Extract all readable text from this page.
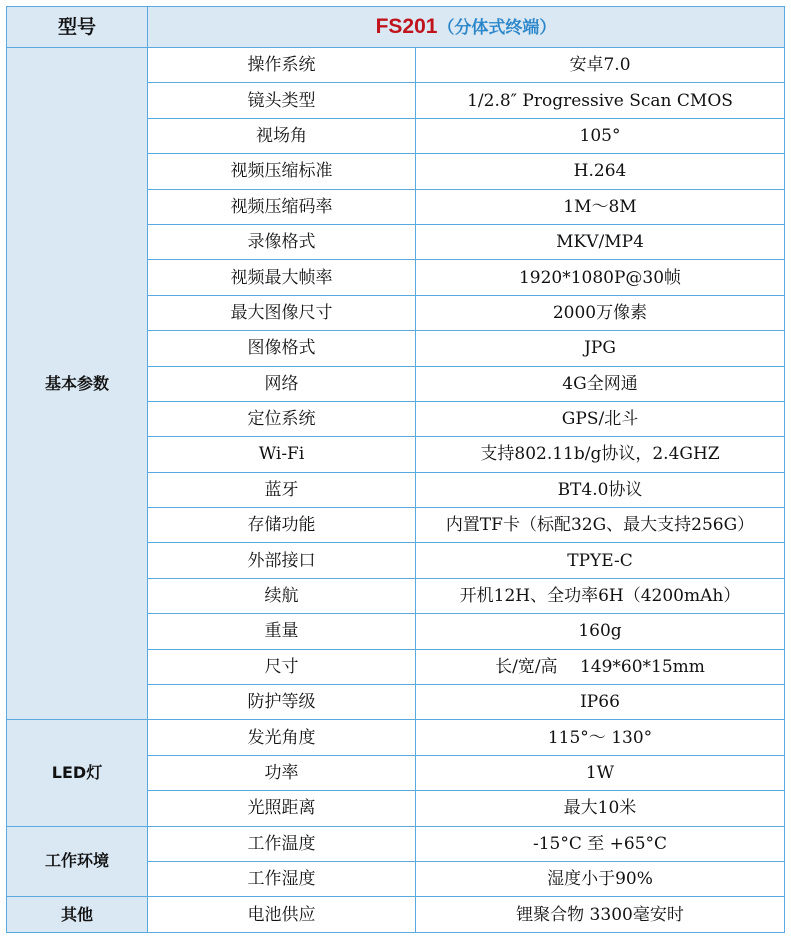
型号	FS201（分体式终端）	
基本参数	操作系统	安卓7.0
	镜头类型	1/2.8″ Progressive Scan CMOS
	视场角	105°
	视频压缩标准	H.264
	视频压缩码率	1M～8M
	录像格式	MKV/MP4
	视频最大帧率	1920*1080P@30帧
	最大图像尺寸	2000万像素
	图像格式	JPG
	网络	4G全网通
	定位系统	GPS/北斗
	Wi-Fi	支持802.11b/g协议，2.4GHZ
	蓝牙	BT4.0协议
	存储功能	内置TF卡（标配32G、最大支持256G）
	外部接口	TPYE-C
	续航	开机12H、全功率6H（4200mAh）
	重量	160g
	尺寸	长/宽/高　 149*60*15mm
	防护等级	IP66
LED灯	发光角度	115°～ 130°
	功率	1W
	光照距离	最大10米
工作环境	工作温度	-15°C 至 +65°C
	工作湿度	湿度小于90%
其他	电池供应	锂聚合物 3300毫安时
